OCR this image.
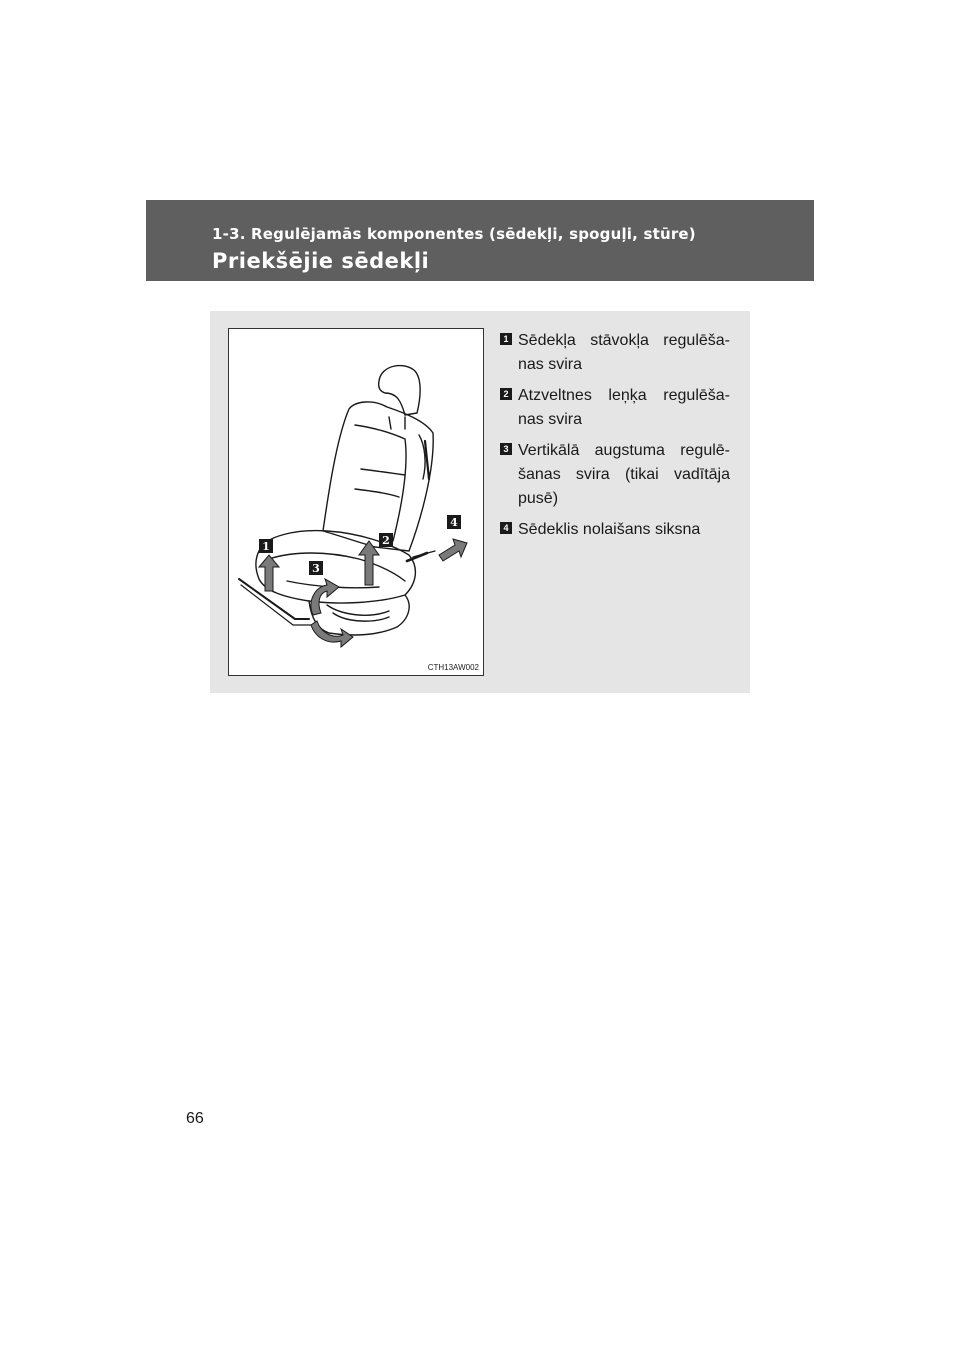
1-3. Regulējamās komponentes (sēdekļi, spoguļi, stūre)
Priekšējie sēdekļi
1	2
3
4
CTH13AW002
1 Sēdekļa stāvokļa regulēša-nas svira
2 Atzveltnes leņķa regulēša-nas svira
3 Vertikālā augstuma regulē-šanas svira (tikai vadītāja pusē)
4 Sēdeklis nolaišans siksna
66
